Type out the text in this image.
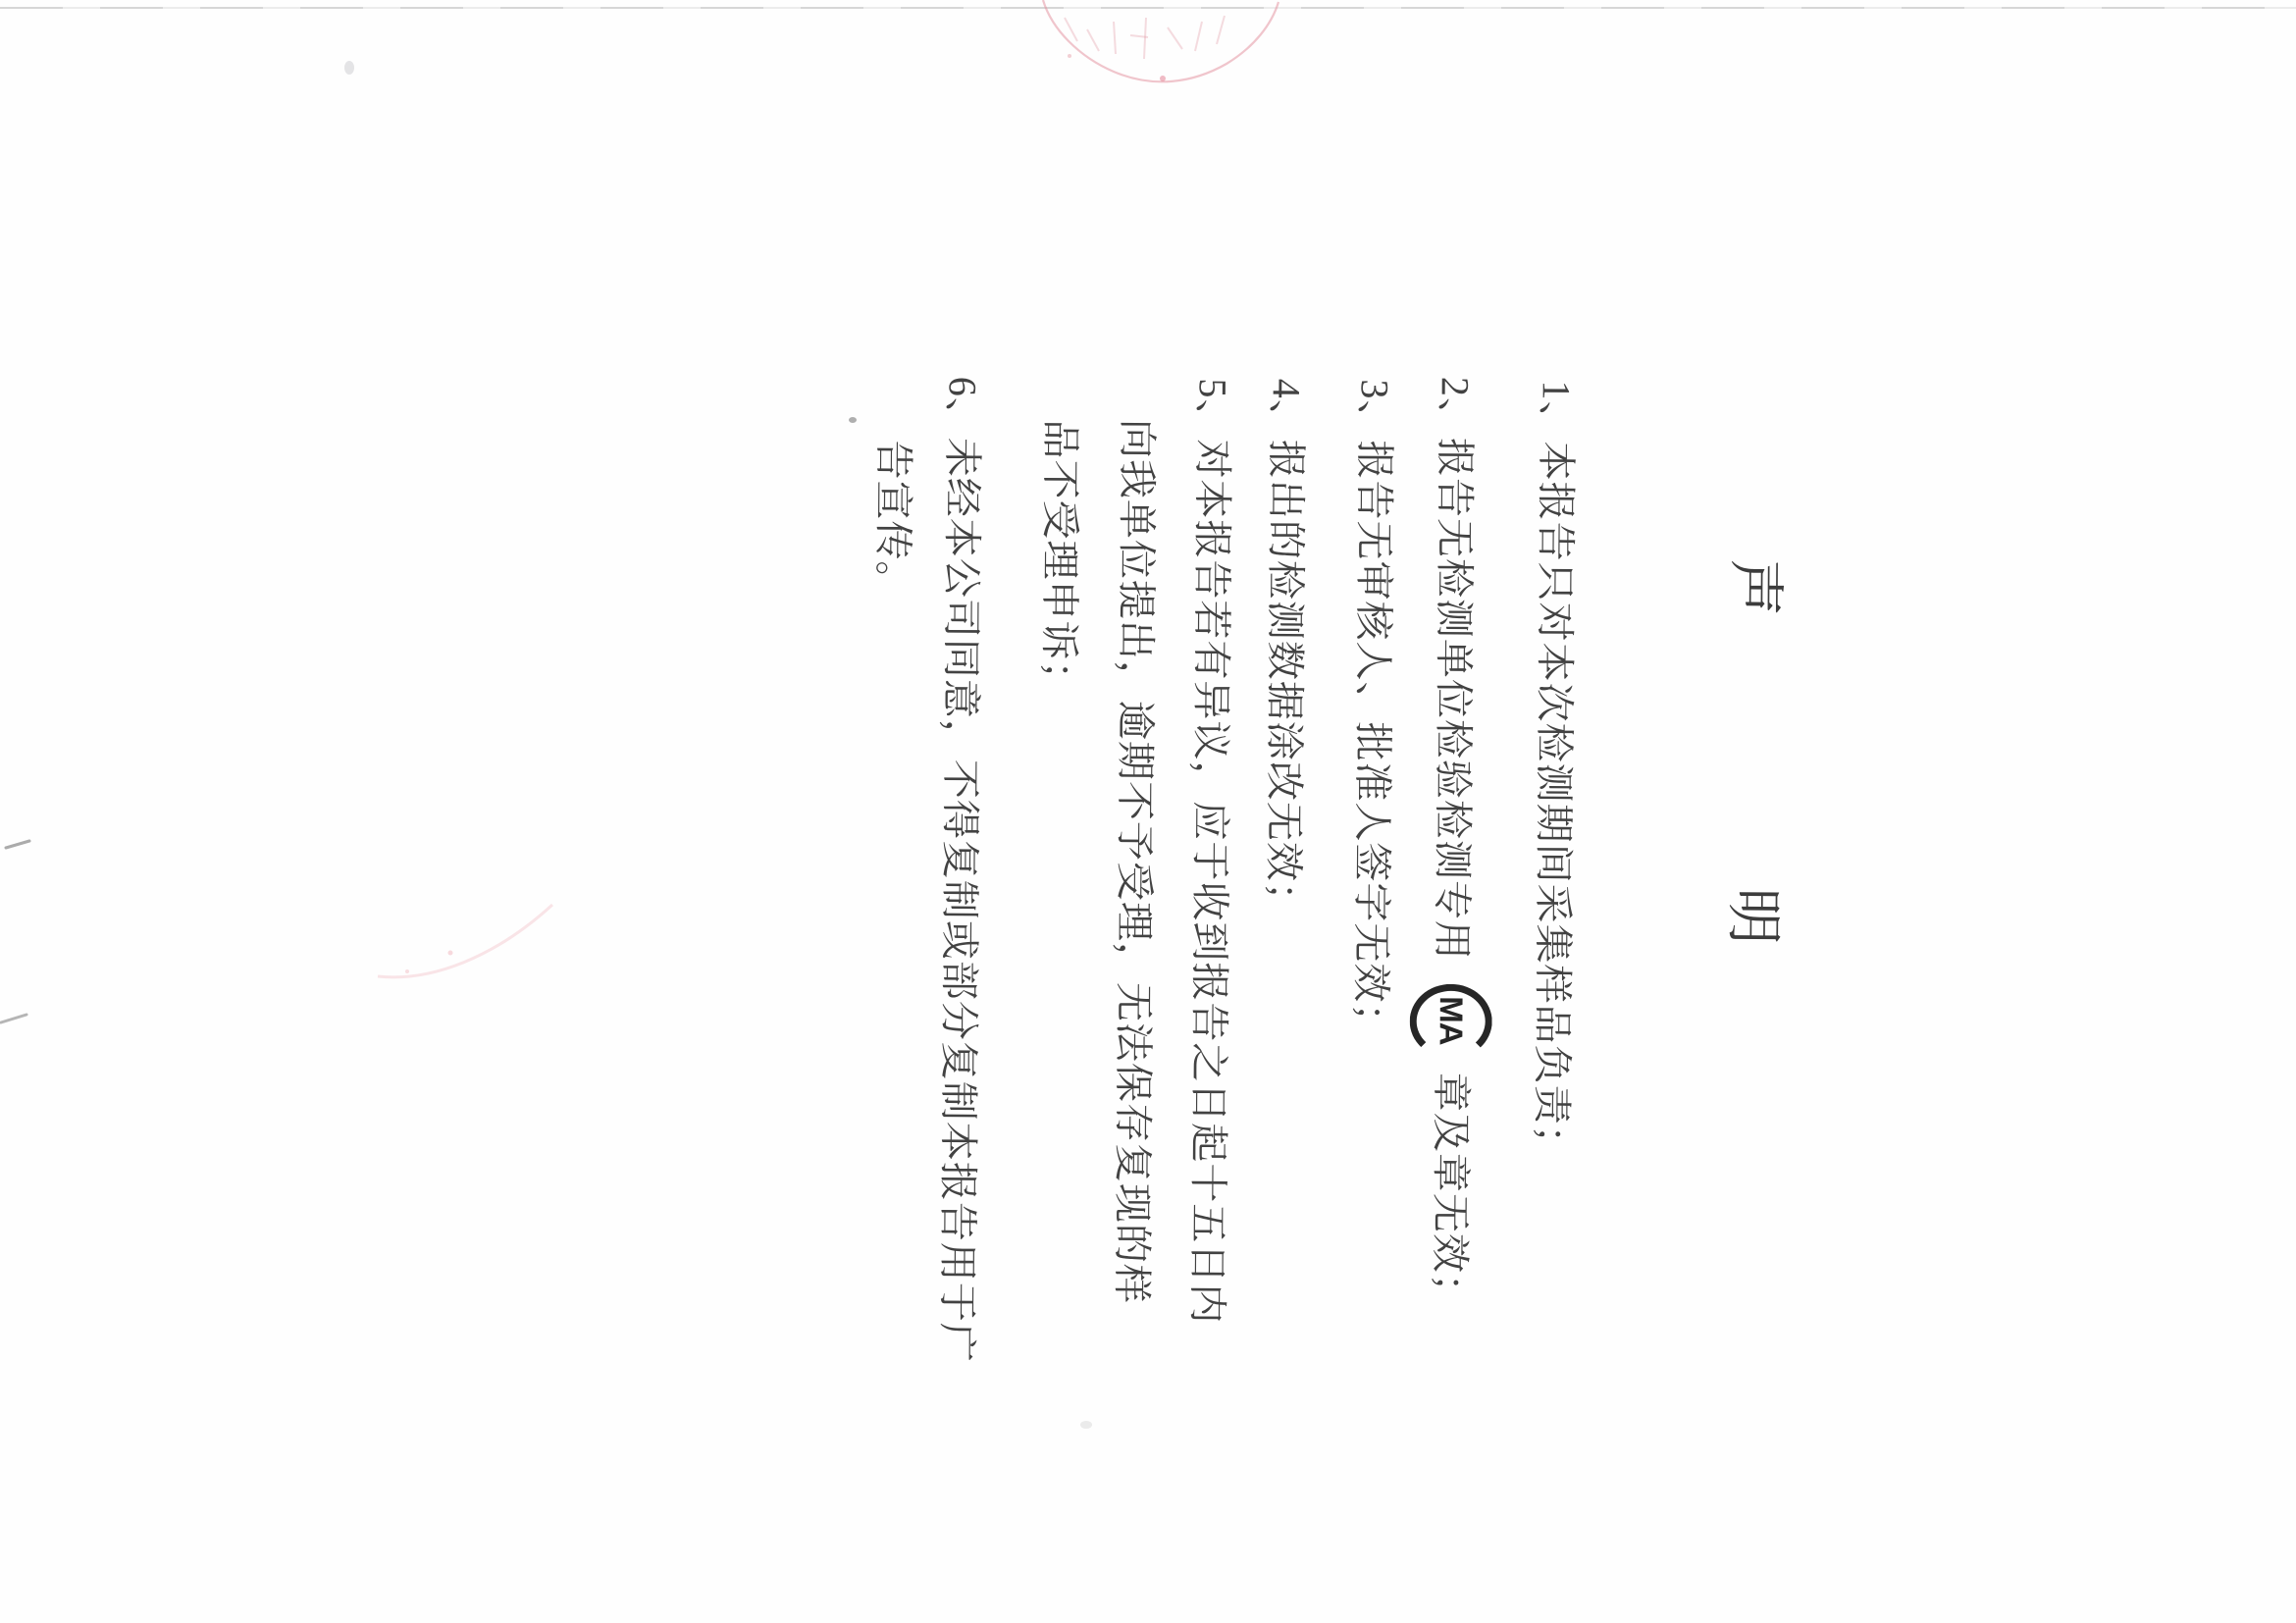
声
明
1、本报告只对本次检测期间采集样品负责；
2、报告无检测单位检验检测专用
MA
章及章无效；
3、报告无审核人、批准人签字无效；
4、报出的检测数据涂改无效；
5、对本报告若有异议，应于收到报告之日起十五日内
向我单位提出，逾期不予受理，无法保存复现的样
品不受理申诉；
6、未经本公司同意，不得复制或部分复制本报告用于广
告宣传。
